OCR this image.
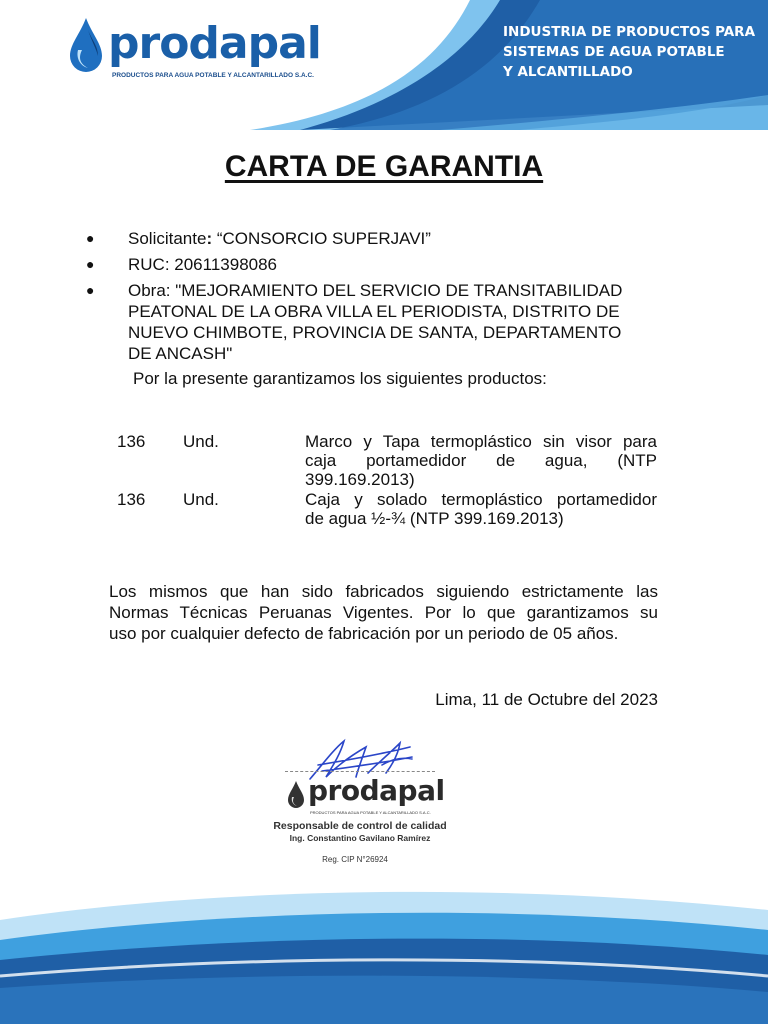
prodapal
PRODUCTOS PARA AGUA POTABLE Y ALCANTARILLADO S.A.C.
INDUSTRIA DE PRODUCTOS PARA
SISTEMAS DE AGUA POTABLE
Y ALCANTILLADO
CARTA DE GARANTIA
● Solicitante: “CONSORCIO SUPERJAVI”
● RUC: 20611398086
● Obra: "MEJORAMIENTO DEL SERVICIO DE TRANSITABILIDAD
PEATONAL DE LA OBRA VILLA EL PERIODISTA, DISTRITO DE
NUEVO CHIMBOTE, PROVINCIA DE SANTA, DEPARTAMENTO
DE ANCASH"
Por la presente garantizamos los siguientes productos:
136 Und.	Marco y Tapa termoplástico sin visor para
caja portamedidor de agua, (NTP
399.169.2013)
136 Und.	Caja y solado termoplástico portamedidor
de agua ½-¾ (NTP 399.169.2013)
Los mismos que han sido fabricados siguiendo estrictamente las
Normas Técnicas Peruanas Vigentes. Por lo que garantizamos su
uso por cualquier defecto de fabricación por un periodo de 05 años.
Lima, 11 de Octubre del 2023
prodapal
PRODUCTOS PARA AGUA POTABLE Y ALCANTARILLADO S.A.C.
Responsable de control de calidad
Ing. Constantino Gavilano Ramírez
Reg. CIP N°26924
